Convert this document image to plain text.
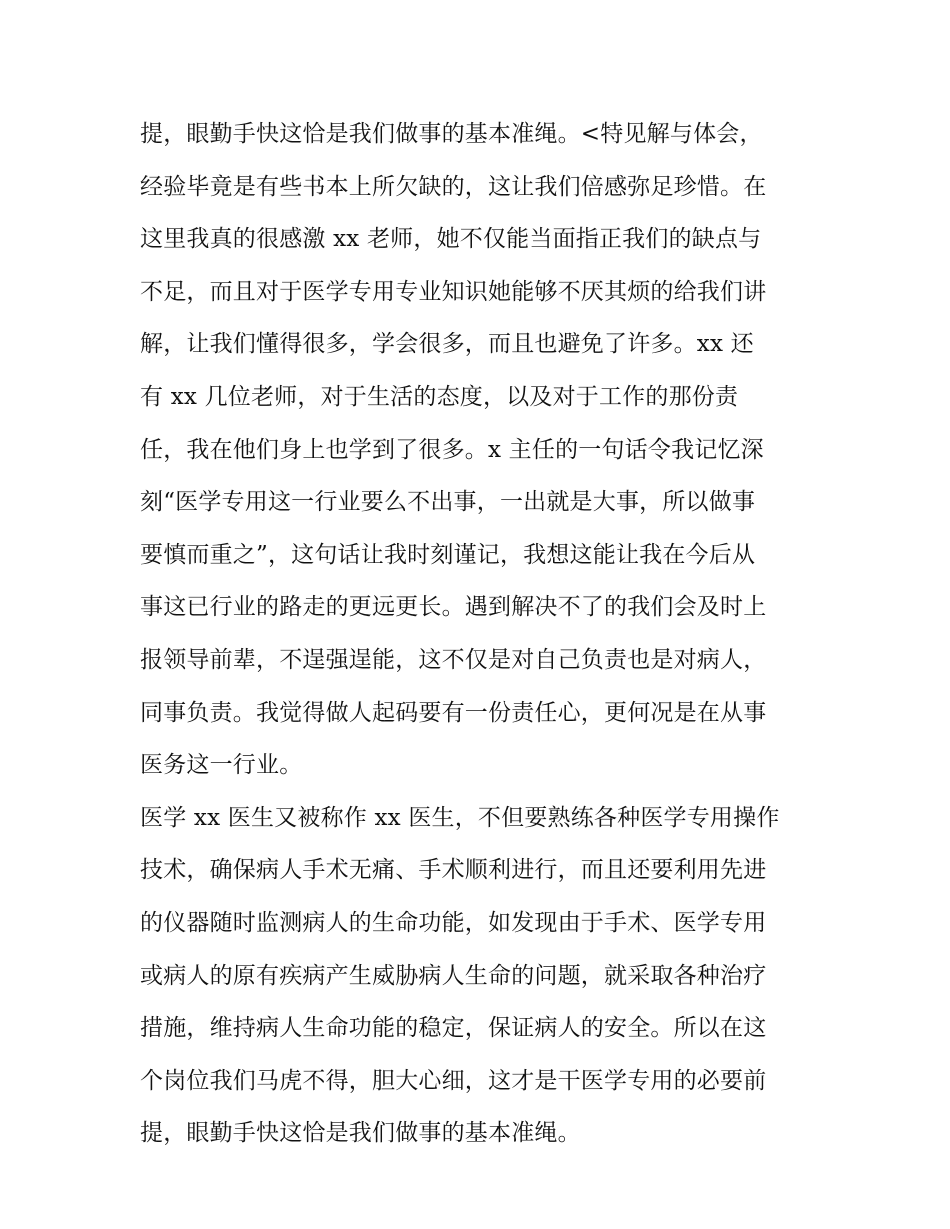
提，眼勤手快这恰是我们做事的基本准绳。<特见解与体会，
经验毕竟是有些书本上所欠缺的，这让我们倍感弥足珍惜。在
这里我真的很感激 xx 老师，她不仅能当面指正我们的缺点与
不足，而且对于医学专用专业知识她能够不厌其烦的给我们讲
解，让我们懂得很多，学会很多，而且也避免了许多。xx 还
有 xx 几位老师，对于生活的态度，以及对于工作的那份责
任，我在他们身上也学到了很多。x 主任的一句话令我记忆深
刻“医学专用这一行业要么不出事，一出就是大事，所以做事
要慎而重之”，这句话让我时刻谨记，我想这能让我在今后从
事这已行业的路走的更远更长。遇到解决不了的我们会及时上
报领导前辈，不逞强逞能，这不仅是对自己负责也是对病人，
同事负责。我觉得做人起码要有一份责任心，更何况是在从事
医务这一行业。
医学 xx 医生又被称作 xx 医生，不但要熟练各种医学专用操作
技术，确保病人手术无痛、手术顺利进行，而且还要利用先进
的仪器随时监测病人的生命功能，如发现由于手术、医学专用
或病人的原有疾病产生威胁病人生命的问题，就采取各种治疗
措施，维持病人生命功能的稳定，保证病人的安全。所以在这
个岗位我们马虎不得，胆大心细，这才是干医学专用的必要前
提，眼勤手快这恰是我们做事的基本准绳。
